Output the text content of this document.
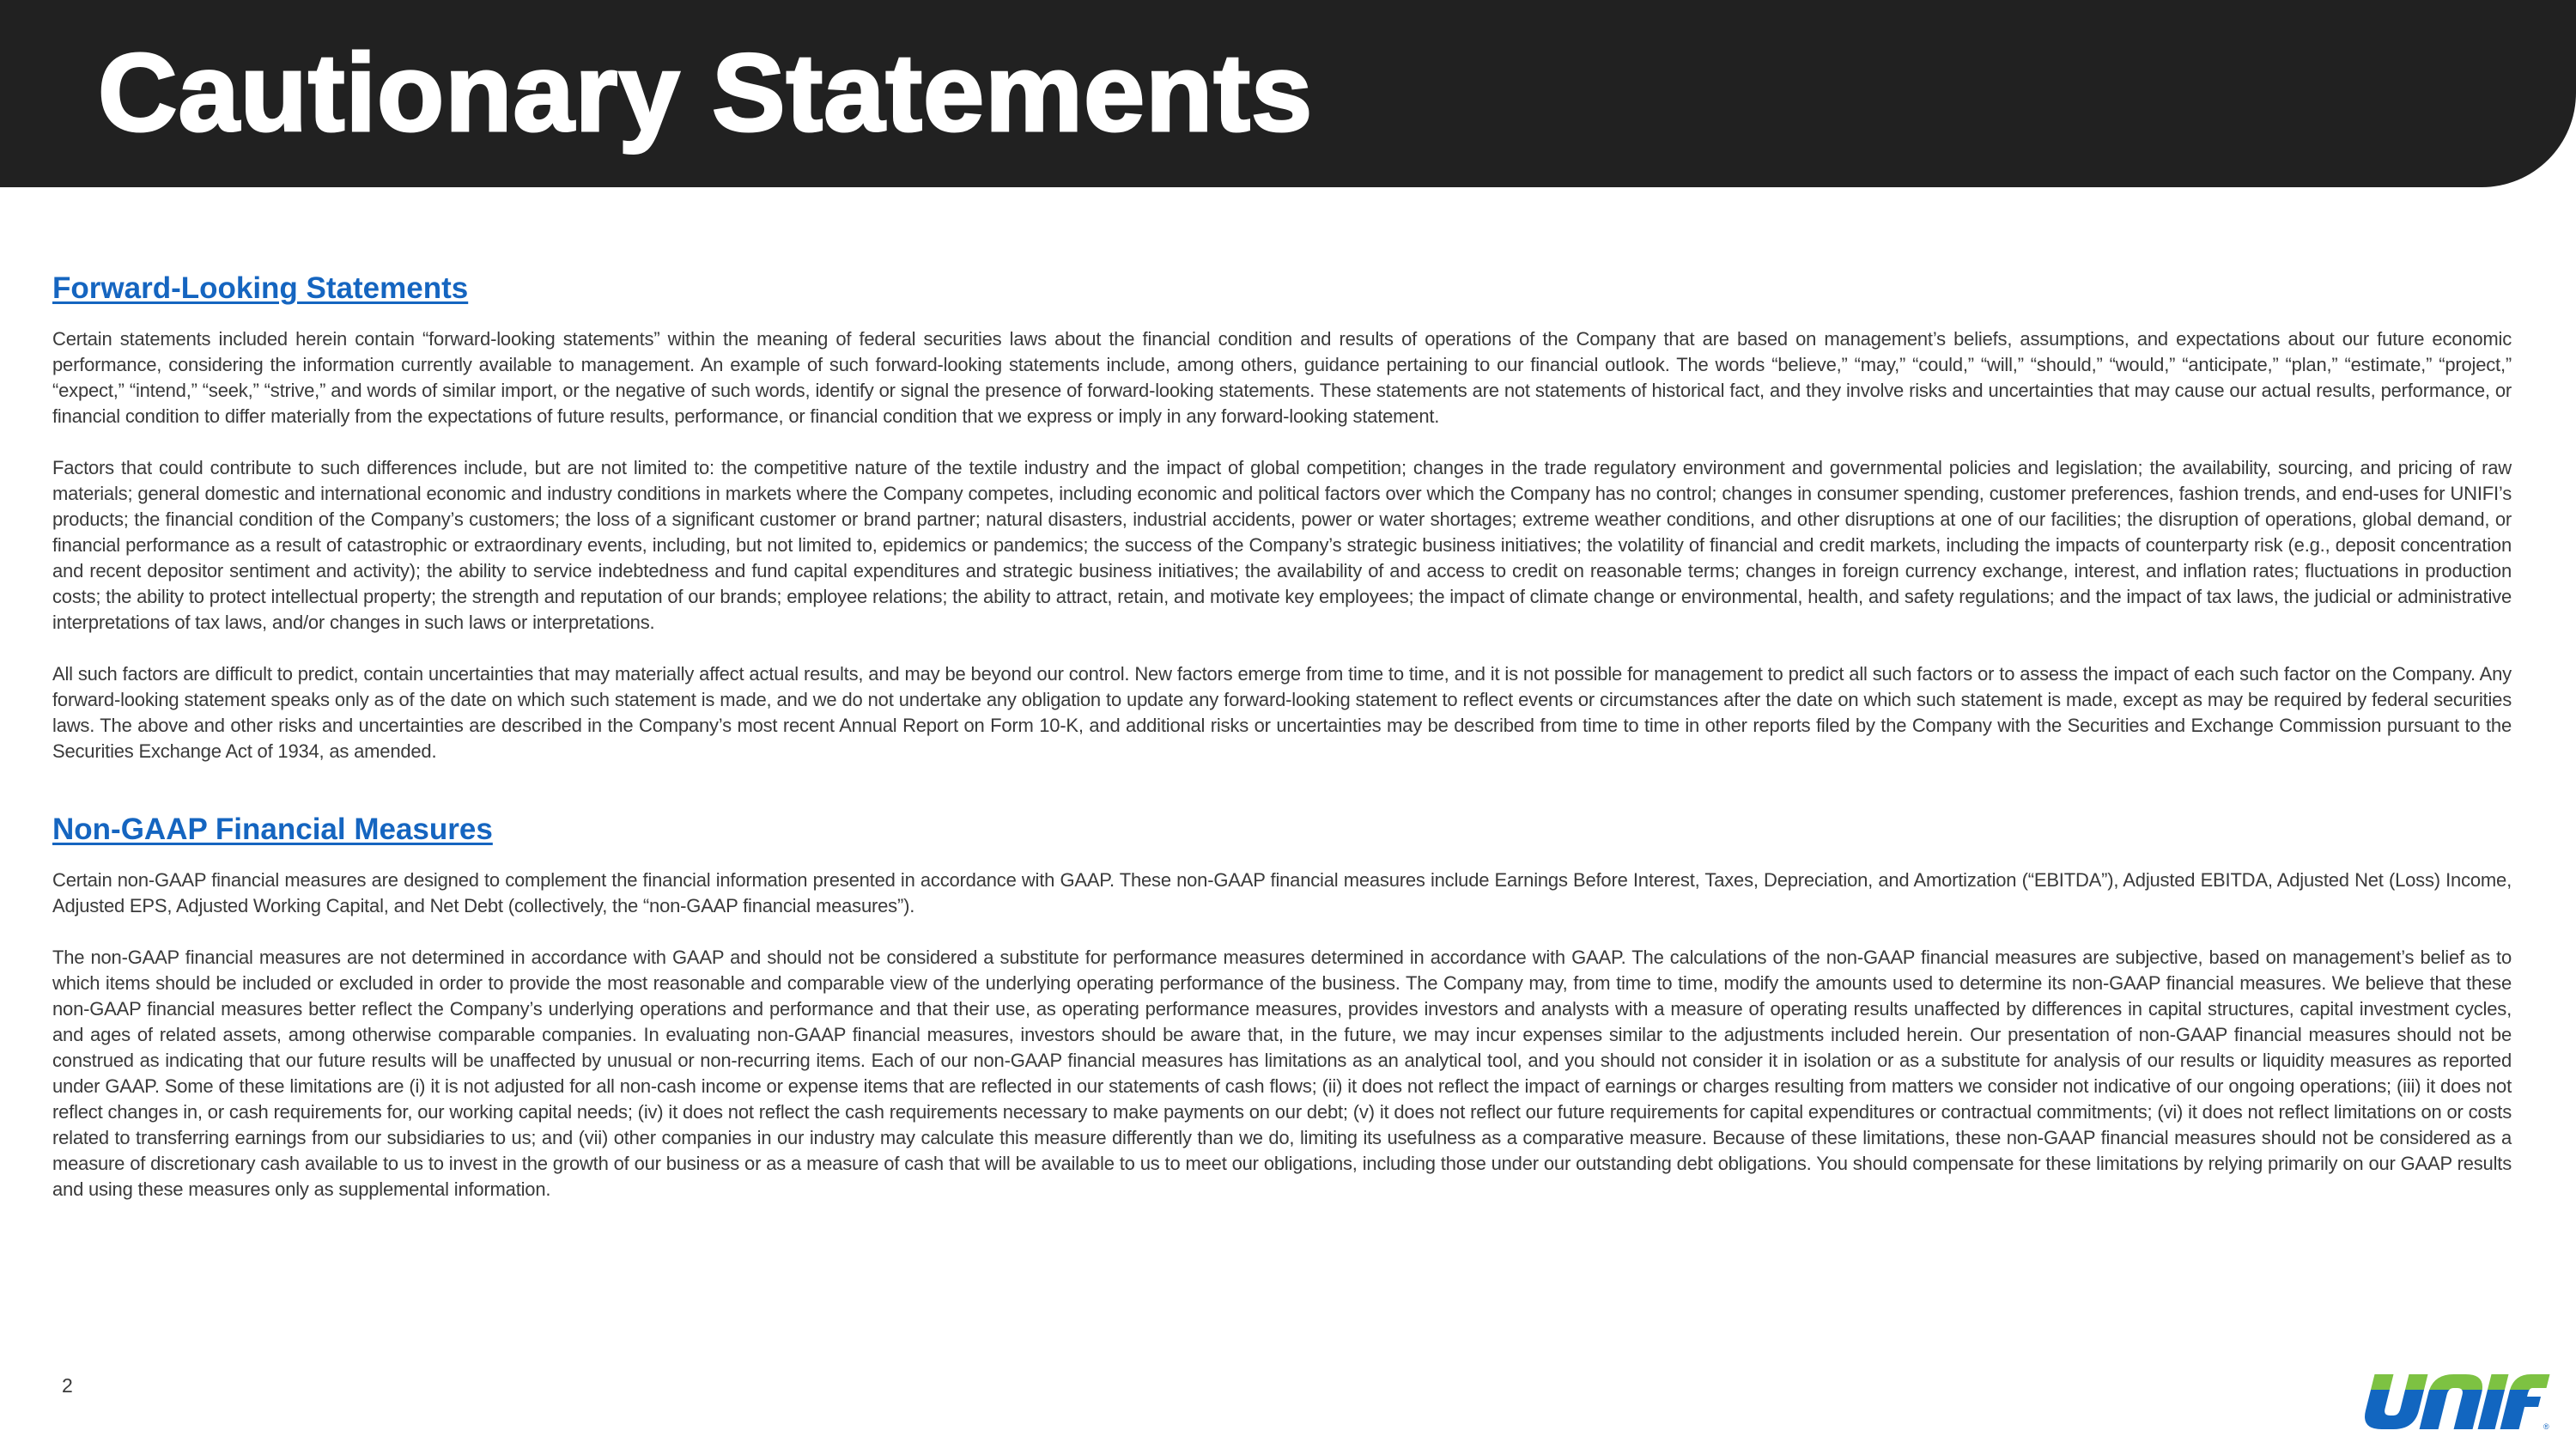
Cautionary Statements
Forward-Looking Statements

Certain statements included herein contain “forward-looking statements” within the meaning of federal securities laws about the financial condition and results of operations of the Company that are based on management’s beliefs, assumptions, and expectations about our future economic performance, considering the information currently available to management. An example of such forward-looking statements include, among others, guidance pertaining to our financial outlook. The words “believe,” “may,” “could,” “will,” “should,” “would,” “anticipate,” “plan,” “estimate,” “project,” “expect,” “intend,” “seek,” “strive,” and words of similar import, or the negative of such words, identify or signal the presence of forward-looking statements. These statements are not statements of historical fact, and they involve risks and uncertainties that may cause our actual results, performance, or financial condition to differ materially from the expectations of future results, performance, or financial condition that we express or imply in any forward-looking statement.

Factors that could contribute to such differences include, but are not limited to: the competitive nature of the textile industry and the impact of global competition; changes in the trade regulatory environment and governmental policies and legislation; the availability, sourcing, and pricing of raw materials; general domestic and international economic and industry conditions in markets where the Company competes, including economic and political factors over which the Company has no control; changes in consumer spending, customer preferences, fashion trends, and end-uses for UNIFI’s products; the financial condition of the Company’s customers; the loss of a significant customer or brand partner; natural disasters, industrial accidents, power or water shortages; extreme weather conditions, and other disruptions at one of our facilities; the disruption of operations, global demand, or financial performance as a result of catastrophic or extraordinary events, including, but not limited to, epidemics or pandemics; the success of the Company’s strategic business initiatives; the volatility of financial and credit markets, including the impacts of counterparty risk (e.g., deposit concentration and recent depositor sentiment and activity); the ability to service indebtedness and fund capital expenditures and strategic business initiatives; the availability of and access to credit on reasonable terms; changes in foreign currency exchange, interest, and inflation rates; fluctuations in production costs; the ability to protect intellectual property; the strength and reputation of our brands; employee relations; the ability to attract, retain, and motivate key employees; the impact of climate change or environmental, health, and safety regulations; and the impact of tax laws, the judicial or administrative interpretations of tax laws, and/or changes in such laws or interpretations.

All such factors are difficult to predict, contain uncertainties that may materially affect actual results, and may be beyond our control. New factors emerge from time to time, and it is not possible for management to predict all such factors or to assess the impact of each such factor on the Company. Any forward-looking statement speaks only as of the date on which such statement is made, and we do not undertake any obligation to update any forward-looking statement to reflect events or circumstances after the date on which such statement is made, except as may be required by federal securities laws. The above and other risks and uncertainties are described in the Company’s most recent Annual Report on Form 10-K, and additional risks or uncertainties may be described from time to time in other reports filed by the Company with the Securities and Exchange Commission pursuant to the Securities Exchange Act of 1934, as amended.

Non-GAAP Financial Measures

Certain non-GAAP financial measures are designed to complement the financial information presented in accordance with GAAP. These non-GAAP financial measures include Earnings Before Interest, Taxes, Depreciation, and Amortization (“EBITDA”), Adjusted EBITDA, Adjusted Net (Loss) Income, Adjusted EPS, Adjusted Working Capital, and Net Debt (collectively, the “non-GAAP financial measures”).

The non-GAAP financial measures are not determined in accordance with GAAP and should not be considered a substitute for performance measures determined in accordance with GAAP. The calculations of the non-GAAP financial measures are subjective, based on management’s belief as to which items should be included or excluded in order to provide the most reasonable and comparable view of the underlying operating performance of the business. The Company may, from time to time, modify the amounts used to determine its non-GAAP financial measures. We believe that these non-GAAP financial measures better reflect the Company’s underlying operations and performance and that their use, as operating performance measures, provides investors and analysts with a measure of operating results unaffected by differences in capital structures, capital investment cycles, and ages of related assets, among otherwise comparable companies. In evaluating non-GAAP financial measures, investors should be aware that, in the future, we may incur expenses similar to the adjustments included herein. Our presentation of non-GAAP financial measures should not be construed as indicating that our future results will be unaffected by unusual or non-recurring items. Each of our non-GAAP financial measures has limitations as an analytical tool, and you should not consider it in isolation or as a substitute for analysis of our results or liquidity measures as reported under GAAP. Some of these limitations are (i) it is not adjusted for all non-cash income or expense items that are reflected in our statements of cash flows; (ii) it does not reflect the impact of earnings or charges resulting from matters we consider not indicative of our ongoing operations; (iii) it does not reflect changes in, or cash requirements for, our working capital needs; (iv) it does not reflect the cash requirements necessary to make payments on our debt; (v) it does not reflect our future requirements for capital expenditures or contractual commitments; (vi) it does not reflect limitations on or costs related to transferring earnings from our subsidiaries to us; and (vii) other companies in our industry may calculate this measure differently than we do, limiting its usefulness as a comparative measure. Because of these limitations, these non-GAAP financial measures should not be considered as a measure of discretionary cash available to us to invest in the growth of our business or as a measure of cash that will be available to us to meet our obligations, including those under our outstanding debt obligations. You should compensate for these limitations by relying primarily on our GAAP results and using these measures only as supplemental information.

2
®
